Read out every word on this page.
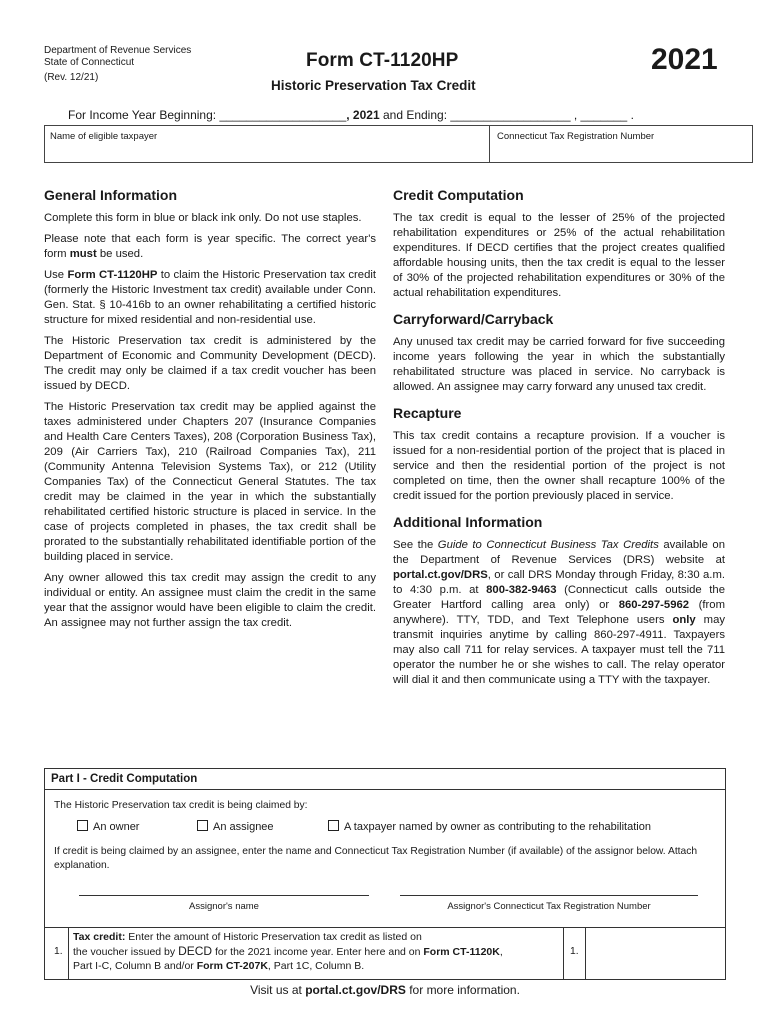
Department of Revenue Services
State of Connecticut
(Rev. 12/21)
Form CT-1120HP
Historic Preservation Tax Credit
2021
For Income Year Beginning: ___________________, 2021 and Ending: __________________ , _______ .
Name of eligible taxpayer	Connecticut Tax Registration Number
General Information

Complete this form in blue or black ink only. Do not use staples.

Please note that each form is year specific. The correct year's form must be used.

Use Form CT-1120HP to claim the Historic Preservation tax credit (formerly the Historic Investment tax credit) available under Conn. Gen. Stat. § 10-416b to an owner rehabilitating a certified historic structure for mixed residential and non-residential use.

The Historic Preservation tax credit is administered by the Department of Economic and Community Development (DECD). The credit may only be claimed if a tax credit voucher has been issued by DECD.

The Historic Preservation tax credit may be applied against the taxes administered under Chapters 207 (Insurance Companies and Health Care Centers Taxes), 208 (Corporation Business Tax), 209 (Air Carriers Tax), 210 (Railroad Companies Tax), 211 (Community Antenna Television Systems Tax), or 212 (Utility Companies Tax) of the Connecticut General Statutes. The tax credit may be claimed in the year in which the substantially rehabilitated certified historic structure is placed in service. In the case of projects completed in phases, the tax credit shall be prorated to the substantially rehabilitated identifiable portion of the building placed in service.

Any owner allowed this tax credit may assign the credit to any individual or entity. An assignee must claim the credit in the same year that the assignor would have been eligible to claim the credit. An assignee may not further assign the tax credit.

Credit Computation

The tax credit is equal to the lesser of 25% of the projected rehabilitation expenditures or 25% of the actual rehabilitation expenditures. If DECD certifies that the project creates qualified affordable housing units, then the tax credit is equal to the lesser of 30% of the projected rehabilitation expenditures or 30% of the actual rehabilitation expenditures.

Carryforward/Carryback

Any unused tax credit may be carried forward for five succeeding income years following the year in which the substantially rehabilitated structure was placed in service. No carryback is allowed. An assignee may carry forward any unused tax credit.

Recapture

This tax credit contains a recapture provision. If a voucher is issued for a non-residential portion of the project that is placed in service and then the residential portion of the project is not completed on time, then the owner shall recapture 100% of the credit issued for the portion previously placed in service.

Additional Information

See the Guide to Connecticut Business Tax Credits available on the Department of Revenue Services (DRS) website at portal.ct.gov/DRS, or call DRS Monday through Friday, 8:30 a.m. to 4:30 p.m. at 800-382-9463 (Connecticut calls outside the Greater Hartford calling area only) or 860-297-5962 (from anywhere). TTY, TDD, and Text Telephone users only may transmit inquiries anytime by calling 860-297-4911. Taxpayers may also call 711 for relay services. A taxpayer must tell the 711 operator the number he or she wishes to call. The relay operator will dial it and then communicate using a TTY with the taxpayer.

Part I - Credit Computation
The Historic Preservation tax credit is being claimed by:
An owner	An assignee	A taxpayer named by owner as contributing to the rehabilitation
If credit is being claimed by an assignee, enter the name and Connecticut Tax Registration Number (if available) of the assignor below. Attach explanation.
Assignor's name	Assignor's Connecticut Tax Registration Number
1.
Tax credit: Enter the amount of Historic Preservation tax credit as listed on
the voucher issued by DECD for the 2021 income year. Enter here and on Form CT-1120K,
Part I-C, Column B and/or Form CT-207K, Part 1C, Column B.
1.
Visit us at portal.ct.gov/DRS for more information.
